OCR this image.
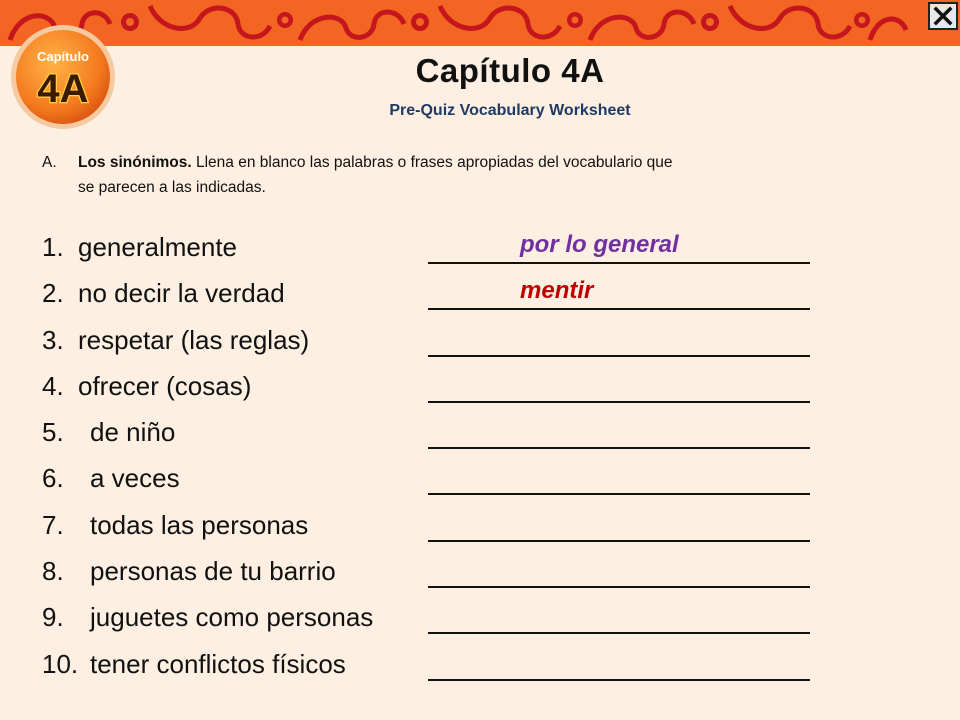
Capítulo
4A	Capítulo 4A
Pre-Quiz Vocabulary Worksheet
A. Los sinónimos. Llena en blanco las palabras o frases apropiadas del vocabulario que
se parecen a las indicadas.
1. generalmente	por lo general
2. no decir la verdad	mentir
3. respetar (las reglas)
4. ofrecer (cosas)
5. de niño
6. a veces
7. todas las personas
8. personas de tu barrio
9. juguetes como personas
10. tener conflictos físicos
